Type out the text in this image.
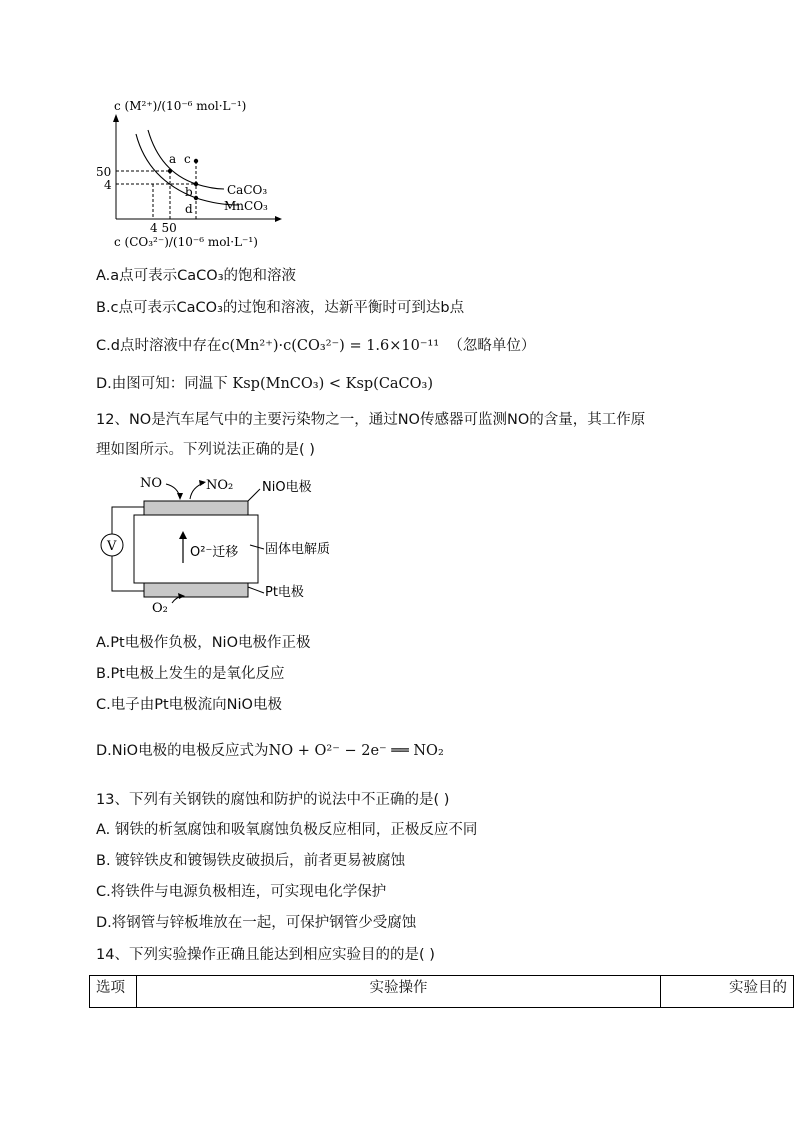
c (M²⁺)/(10⁻⁶ mol·L⁻¹)
c (CO₃²⁻)/(10⁻⁶ mol·L⁻¹)
50
4
4 50
a c
b
d
CaCO₃
MnCO₃
A.a点可表示CaCO₃的饱和溶液
B.c点可表示CaCO₃的过饱和溶液，达新平衡时可到达b点
C.d点时溶液中存在c(Mn²⁺)·c(CO₃²⁻) = 1.6×10⁻¹¹ （忽略单位）
D.由图可知：同温下 Ksp(MnCO₃) < Ksp(CaCO₃)
12、NO是汽车尾气中的主要污染物之一，通过NO传感器可监测NO的含量，其工作原
理如图所示。下列说法正确的是( )
V
NO	NO₂ NiO电极
固体电解质
Pt电极
O²⁻迁移
O₂
A.Pt电极作负极，NiO电极作正极
B.Pt电极上发生的是氧化反应
C.电子由Pt电极流向NiO电极
D.NiO电极的电极反应式为NO + O²⁻ − 2e⁻ ══ NO₂
13、下列有关钢铁的腐蚀和防护的说法中不正确的是( )
A. 钢铁的析氢腐蚀和吸氧腐蚀负极反应相同，正极反应不同
B. 镀锌铁皮和镀锡铁皮破损后，前者更易被腐蚀
C.将铁件与电源负极相连，可实现电化学保护
D.将钢管与锌板堆放在一起，可保护钢管少受腐蚀
14、下列实验操作正确且能达到相应实验目的的是( )
选项	实验操作	实验目的
